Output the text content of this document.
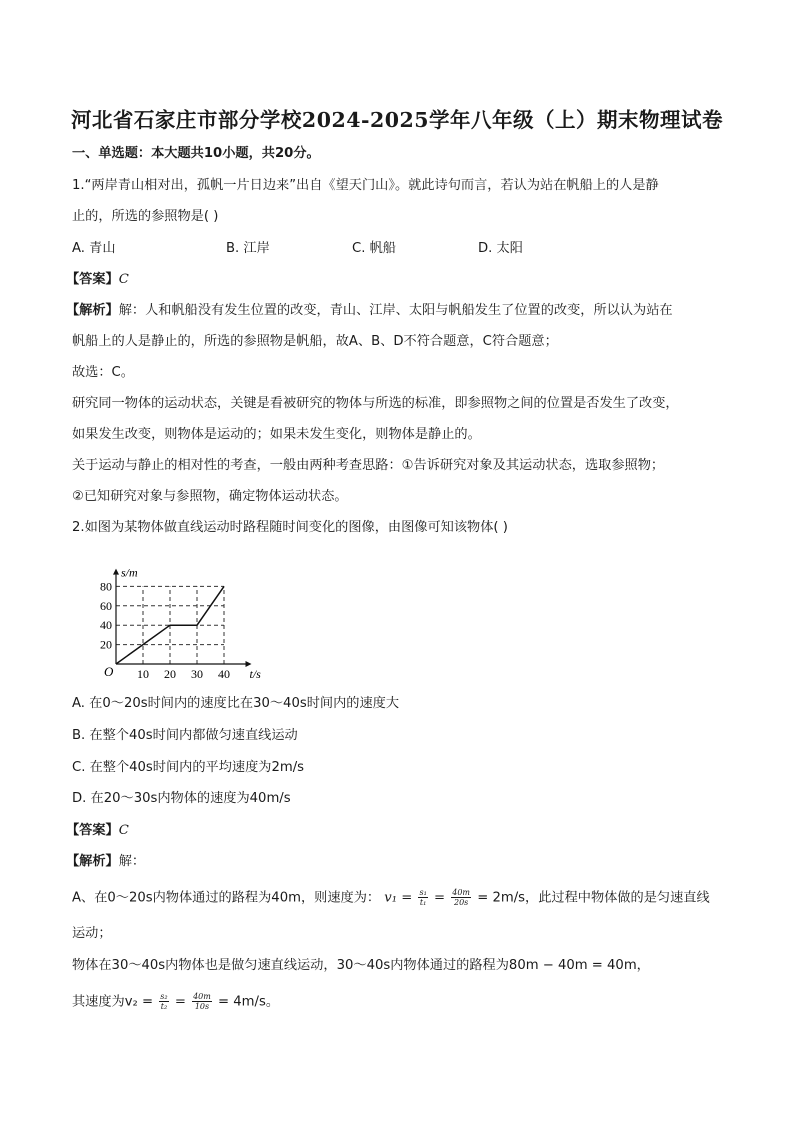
河北省石家庄市部分学校2024-2025学年八年级（上）期末物理试卷
一、单选题：本大题共10小题，共20分。
1.“两岸青山相对出，孤帆一片日边来”出自《望天门山》。就此诗句而言，若认为站在帆船上的人是静
止的，所选的参照物是( )
A. 青山	B. 江岸	C. 帆船	D. 太阳
【答案】C
【解析】解：人和帆船没有发生位置的改变，青山、江岸、太阳与帆船发生了位置的改变，所以认为站在
帆船上的人是静止的，所选的参照物是帆船，故A、B、D不符合题意，C符合题意；
故选：C。
研究同一物体的运动状态，关键是看被研究的物体与所选的标准，即参照物之间的位置是否发生了改变，
如果发生改变，则物体是运动的；如果未发生变化，则物体是静止的。
关于运动与静止的相对性的考查，一般由两种考查思路：①告诉研究对象及其运动状态，选取参照物；
②已知研究对象与参照物，确定物体运动状态。
2.如图为某物体做直线运动时路程随时间变化的图像，由图像可知该物体( )
10 20 30 40
20
40
60
80
O
s/m
t/s
A. 在0～20s时间内的速度比在30～40s时间内的速度大
B. 在整个40s时间内都做匀速直线运动
C. 在整个40s时间内的平均速度为2m/s
D. 在20～30s内物体的速度为40m/s
【答案】C
【解析】解：
A、在0～20s内物体通过的路程为40m，则速度为： $v_1 = \frac{\text{s₁}}{\text{t₁}} = \frac{40m}{20s} = 2m/s$，此过程中物体做的是匀速直线
运动；
物体在30～40s内物体也是做匀速直线运动，30～40s内物体通过的路程为80m − 40m = 40m，
其速度为$v_2 = \frac{\text{s₂}}{\text{t₂}} = \frac{40m}{10s} = 4m/s$。
